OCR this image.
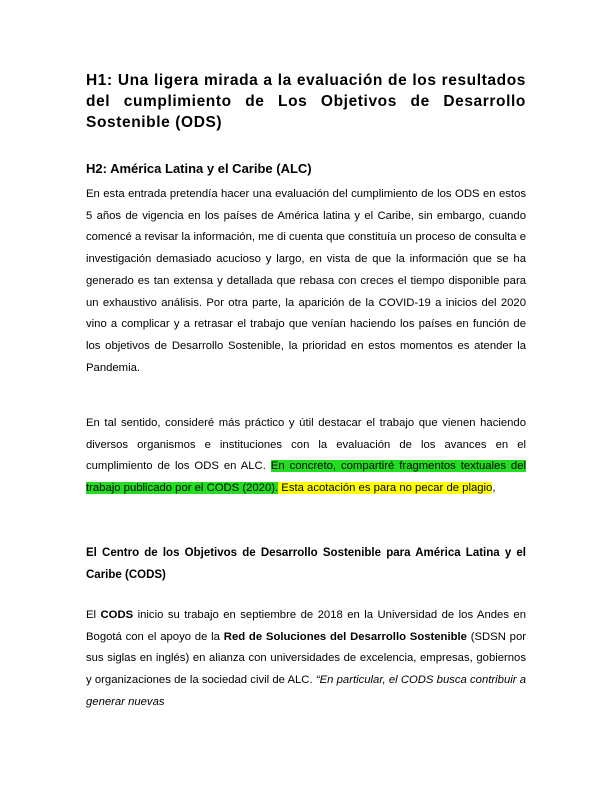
H1: Una ligera mirada a la evaluación de los resultados del cumplimiento de Los Objetivos de Desarrollo Sostenible (ODS)
H2: América Latina y el Caribe (ALC)
En esta entrada pretendía hacer una evaluación del cumplimiento de los ODS en estos 5 años de vigencia en los países de América latina y el Caribe, sin embargo, cuando comencé a revisar la información, me di cuenta que constituía un proceso de consulta e investigación demasiado acucioso y largo, en vista de que la información que se ha generado es tan extensa y detallada que rebasa con creces el tiempo disponible para un exhaustivo análisis. Por otra parte, la aparición de la COVID-19 a inicios del 2020 vino a complicar y a retrasar el trabajo que venían haciendo los países en función de los objetivos de Desarrollo Sostenible, la prioridad en estos momentos es atender la Pandemia.
En tal sentido, consideré más práctico y útil destacar el trabajo que vienen haciendo diversos organismos e instituciones con la evaluación de los avances en el cumplimiento de los ODS en ALC. En concreto, compartiré fragmentos textuales del trabajo publicado por el CODS (2020). Esta acotación es para no pecar de plagio,
El Centro de los Objetivos de Desarrollo Sostenible para América Latina y el Caribe (CODS)
El CODS inicio su trabajo en septiembre de 2018 en la Universidad de los Andes en Bogotá con el apoyo de la Red de Soluciones del Desarrollo Sostenible (SDSN por sus siglas en inglés) en alianza con universidades de excelencia, empresas, gobiernos y organizaciones de la sociedad civil de ALC. “En particular, el CODS busca contribuir a generar nuevas
